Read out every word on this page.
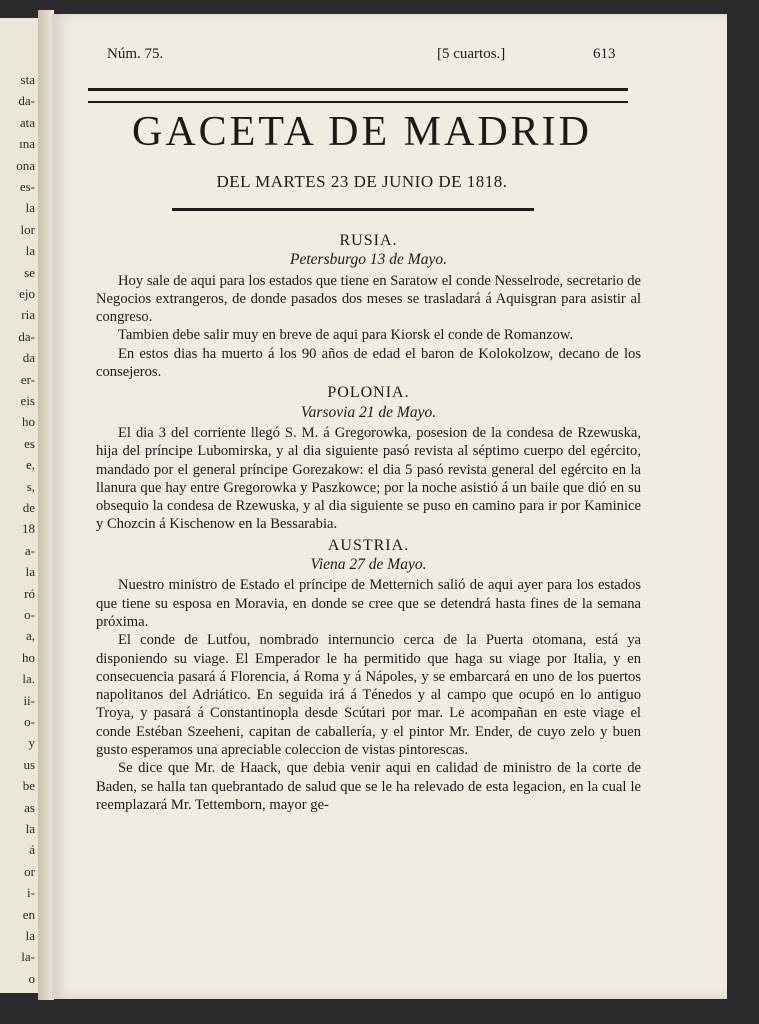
sta
da-
ata
ına
ona
es-
la
lor
la
se
ejo
ria
da-
da
er-
eis
ho
es
e,
s,
de
18
a-
la
ró
o-
a,
ho
la.
ii-
o-
y
us
be
as
la
á
or
i-
en
la
la-
o
Núm. 75.	[5 cuartos.]	613
GACETA DE MADRID
DEL MARTES 23 DE JUNIO DE 1818.

RUSIA.

Petersburgo 13 de Mayo.

Hoy sale de aqui para los estados que tiene en Saratow el conde Nesselrode, secretario de Negocios extrangeros, de donde pasados dos meses se trasladará á Aquisgran para asistir al congreso.

Tambien debe salir muy en breve de aqui para Kiorsk el conde de Romanzow.

En estos dias ha muerto á los 90 años de edad el baron de Kolokolzow, decano de los consejeros.

POLONIA.

Varsovia 21 de Mayo.

El dia 3 del corriente llegó S. M. á Gregorowka, posesion de la condesa de Rzewuska, hija del príncipe Lubomirska, y al dia siguiente pasó revista al séptimo cuerpo del egército, mandado por el general príncipe Gorezakow: el dia 5 pasó revista general del egército en la llanura que hay entre Gregorowka y Paszkowce; por la noche asistió á un baile que dió en su obsequio la condesa de Rzewuska, y al dia siguiente se puso en camino para ir por Kaminice y Chozcin á Kischenow en la Bessarabia.

AUSTRIA.

Viena 27 de Mayo.

Nuestro ministro de Estado el príncipe de Metternich salió de aqui ayer para los estados que tiene su esposa en Moravia, en donde se cree que se detendrá hasta fines de la semana próxima.

El conde de Lutfou, nombrado internuncio cerca de la Puerta otomana, está ya disponiendo su viage. El Emperador le ha permitido que haga su viage por Italia, y en consecuencia pasará á Florencia, á Roma y á Nápoles, y se embarcará en uno de los puertos napolitanos del Adriático. En seguida irá á Ténedos y al campo que ocupó en lo antiguo Troya, y pasará á Constantinopla desde Scútari por mar. Le acompañan en este viage el conde Estéban Szeeheni, capitan de caballería, y el pintor Mr. Ender, de cuyo zelo y buen gusto esperamos una apreciable coleccion de vistas pintorescas.

Se dice que Mr. de Haack, que debia venir aqui en calidad de ministro de la corte de Baden, se halla tan quebrantado de salud que se le ha relevado de esta legacion, en la cual le reemplazará Mr. Tettemborn, mayor ge-
